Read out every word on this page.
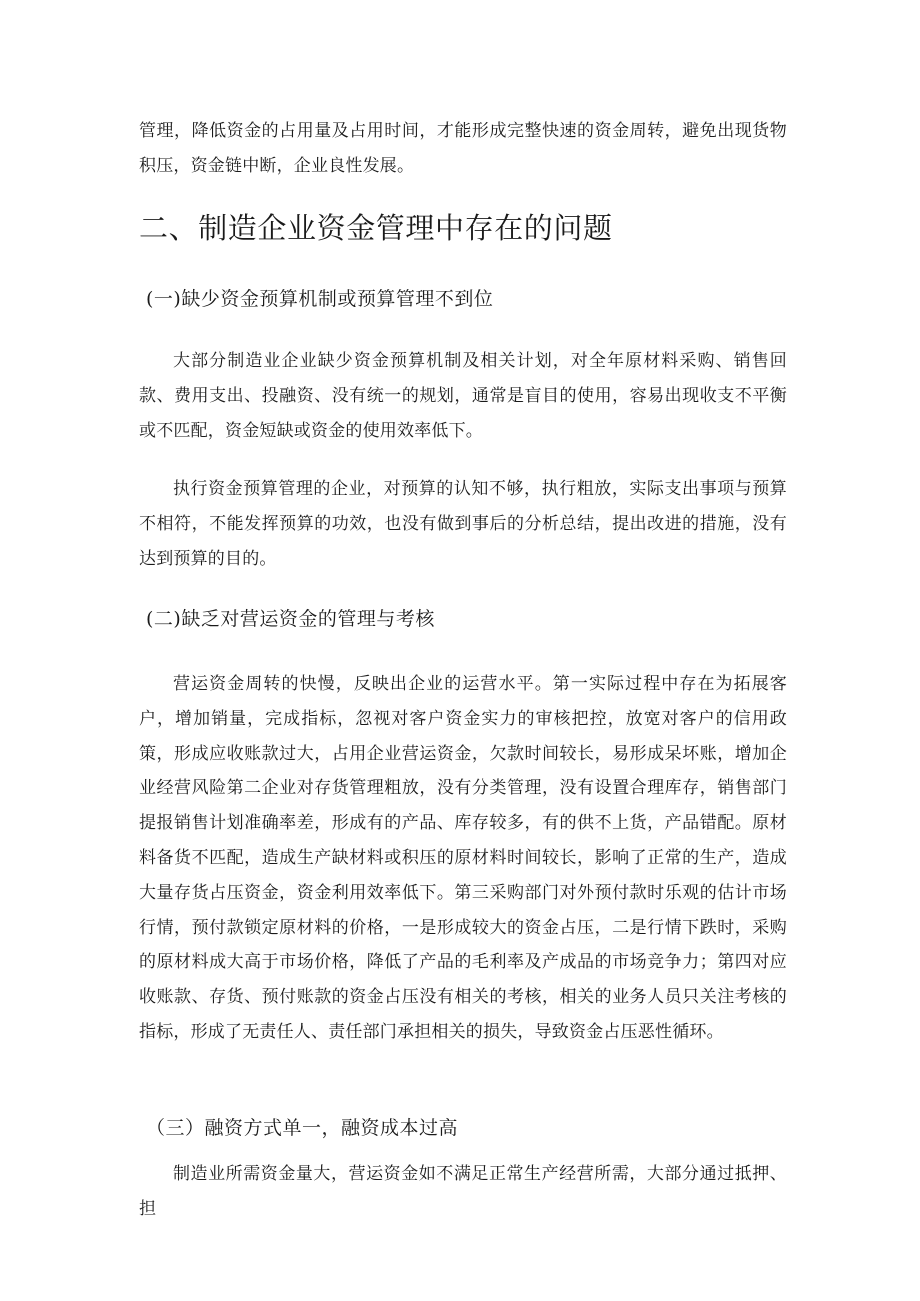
管理，降低资金的占用量及占用时间，才能形成完整快速的资金周转，避免出现货物积压，资金链中断，企业良性发展。

二、制造企业资金管理中存在的问题
(一)缺少资金预算机制或预算管理不到位

大部分制造业企业缺少资金预算机制及相关计划，对全年原材料采购、销售回款、费用支出、投融资、没有统一的规划，通常是盲目的使用，容易出现收支不平衡或不匹配，资金短缺或资金的使用效率低下。

执行资金预算管理的企业，对预算的认知不够，执行粗放，实际支出事项与预算不相符，不能发挥预算的功效，也没有做到事后的分析总结，提出改进的措施，没有达到预算的目的。

(二)缺乏对营运资金的管理与考核

营运资金周转的快慢，反映出企业的运营水平。第一实际过程中存在为拓展客户，增加销量，完成指标，忽视对客户资金实力的审核把控，放宽对客户的信用政策，形成应收账款过大，占用企业营运资金，欠款时间较长，易形成呆坏账，增加企业经营风险第二企业对存货管理粗放，没有分类管理，没有设置合理库存，销售部门提报销售计划准确率差，形成有的产品、库存较多，有的供不上货，产品错配。原材料备货不匹配，造成生产缺材料或积压的原材料时间较长，影响了正常的生产，造成大量存货占压资金，资金利用效率低下。第三采购部门对外预付款时乐观的估计市场行情，预付款锁定原材料的价格，一是形成较大的资金占压，二是行情下跌时，采购的原材料成大高于市场价格，降低了产品的毛利率及产成品的市场竞争力；第四对应收账款、存货、预付账款的资金占压没有相关的考核，相关的业务人员只关注考核的指标，形成了无责任人、责任部门承担相关的损失，导致资金占压恶性循环。

（三）融资方式单一，融资成本过高

制造业所需资金量大，营运资金如不满足正常生产经营所需，大部分通过抵押、担
